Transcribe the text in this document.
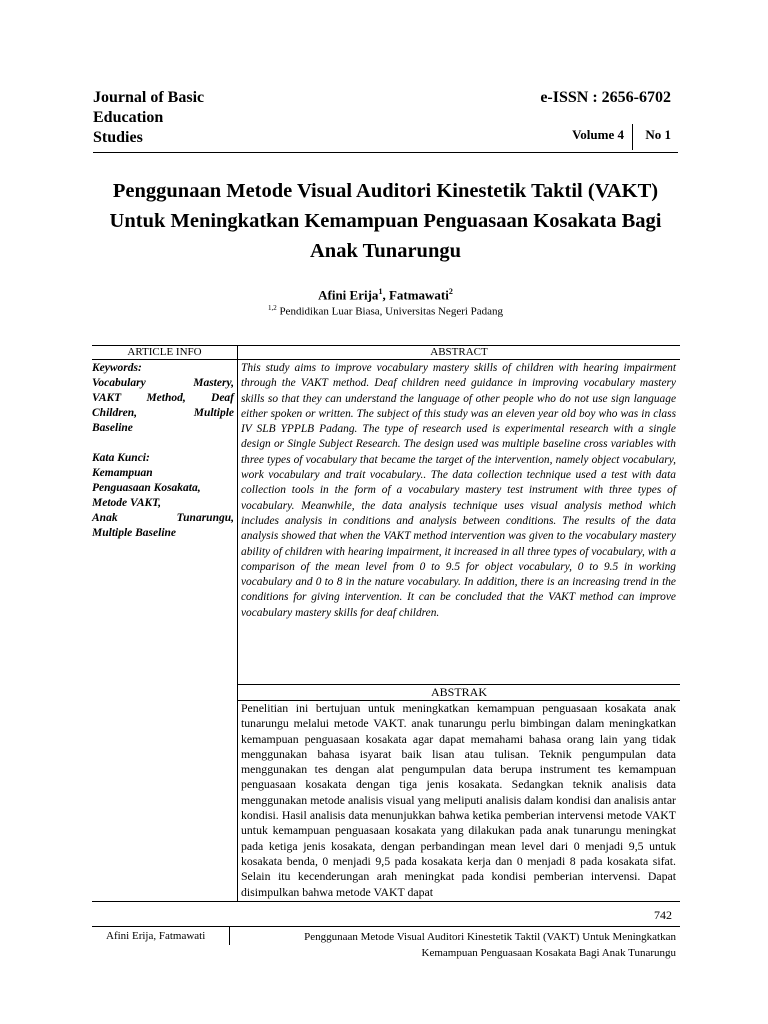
Journal of Basic
Education
Studies
e-ISSN : 2656-6702
Volume 4 No 1
Penggunaan Metode Visual Auditori Kinestetik Taktil (VAKT) Untuk Meningkatkan Kemampuan Penguasaan Kosakata Bagi Anak Tunarungu
Afini Erija$^1$, Fatmawati$^2$
$^{1,2}$ Pendidikan Luar Biasa, Universitas Negeri Padang
ARTICLE INFO
Keywords:
Vocabulary Mastery,
VAKT Method, Deaf
Children, Multiple
Baseline
Kata Kunci:
Kemampuan
Penguasaan Kosakata,
Metode VAKT,
Anak Tunarungu,
Multiple Baseline
ABSTRACT
This study aims to improve vocabulary mastery skills of children with hearing impairment through the VAKT method. Deaf children need guidance in improving vocabulary mastery skills so that they can understand the language of other people who do not use sign language either spoken or written. The subject of this study was an eleven year old boy who was in class IV SLB YPPLB Padang. The type of research used is experimental research with a single design or Single Subject Research. The design used was multiple baseline cross variables with three types of vocabulary that became the target of the intervention, namely object vocabulary, work vocabulary and trait vocabulary.. The data collection technique used a test with data collection tools in the form of a vocabulary mastery test instrument with three types of vocabulary. Meanwhile, the data analysis technique uses visual analysis method which includes analysis in conditions and analysis between conditions. The results of the data analysis showed that when the VAKT method intervention was given to the vocabulary mastery ability of children with hearing impairment, it increased in all three types of vocabulary, with a comparison of the mean level from 0 to 9.5 for object vocabulary, 0 to 9.5 in working vocabulary and 0 to 8 in the nature vocabulary. In addition, there is an increasing trend in the conditions for giving intervention. It can be concluded that the VAKT method can improve vocabulary mastery skills for deaf children.
ABSTRAK
Penelitian ini bertujuan untuk meningkatkan kemampuan penguasaan kosakata anak tunarungu melalui metode VAKT. anak tunarungu perlu bimbingan dalam meningkatkan kemampuan penguasaan kosakata agar dapat memahami bahasa orang lain yang tidak menggunakan bahasa isyarat baik lisan atau tulisan. Teknik pengumpulan data menggunakan tes dengan alat pengumpulan data berupa instrument tes kemampuan penguasaan kosakata dengan tiga jenis kosakata. Sedangkan teknik analisis data menggunakan metode analisis visual yang meliputi analisis dalam kondisi dan analisis antar kondisi. Hasil analisis data menunjukkan bahwa ketika pemberian intervensi metode VAKT untuk kemampuan penguasaan kosakata yang dilakukan pada anak tunarungu meningkat pada ketiga jenis kosakata, dengan perbandingan mean level dari 0 menjadi 9,5 untuk kosakata benda, 0 menjadi 9,5 pada kosakata kerja dan 0 menjadi 8 pada kosakata sifat. Selain itu kecenderungan arah meningkat pada kondisi pemberian intervensi. Dapat disimpulkan bahwa metode VAKT dapat
742
Afini Erija, Fatmawati	Penggunaan Metode Visual Auditori Kinestetik Taktil (VAKT) Untuk Meningkatkan
Kemampuan Penguasaan Kosakata Bagi Anak Tunarungu
